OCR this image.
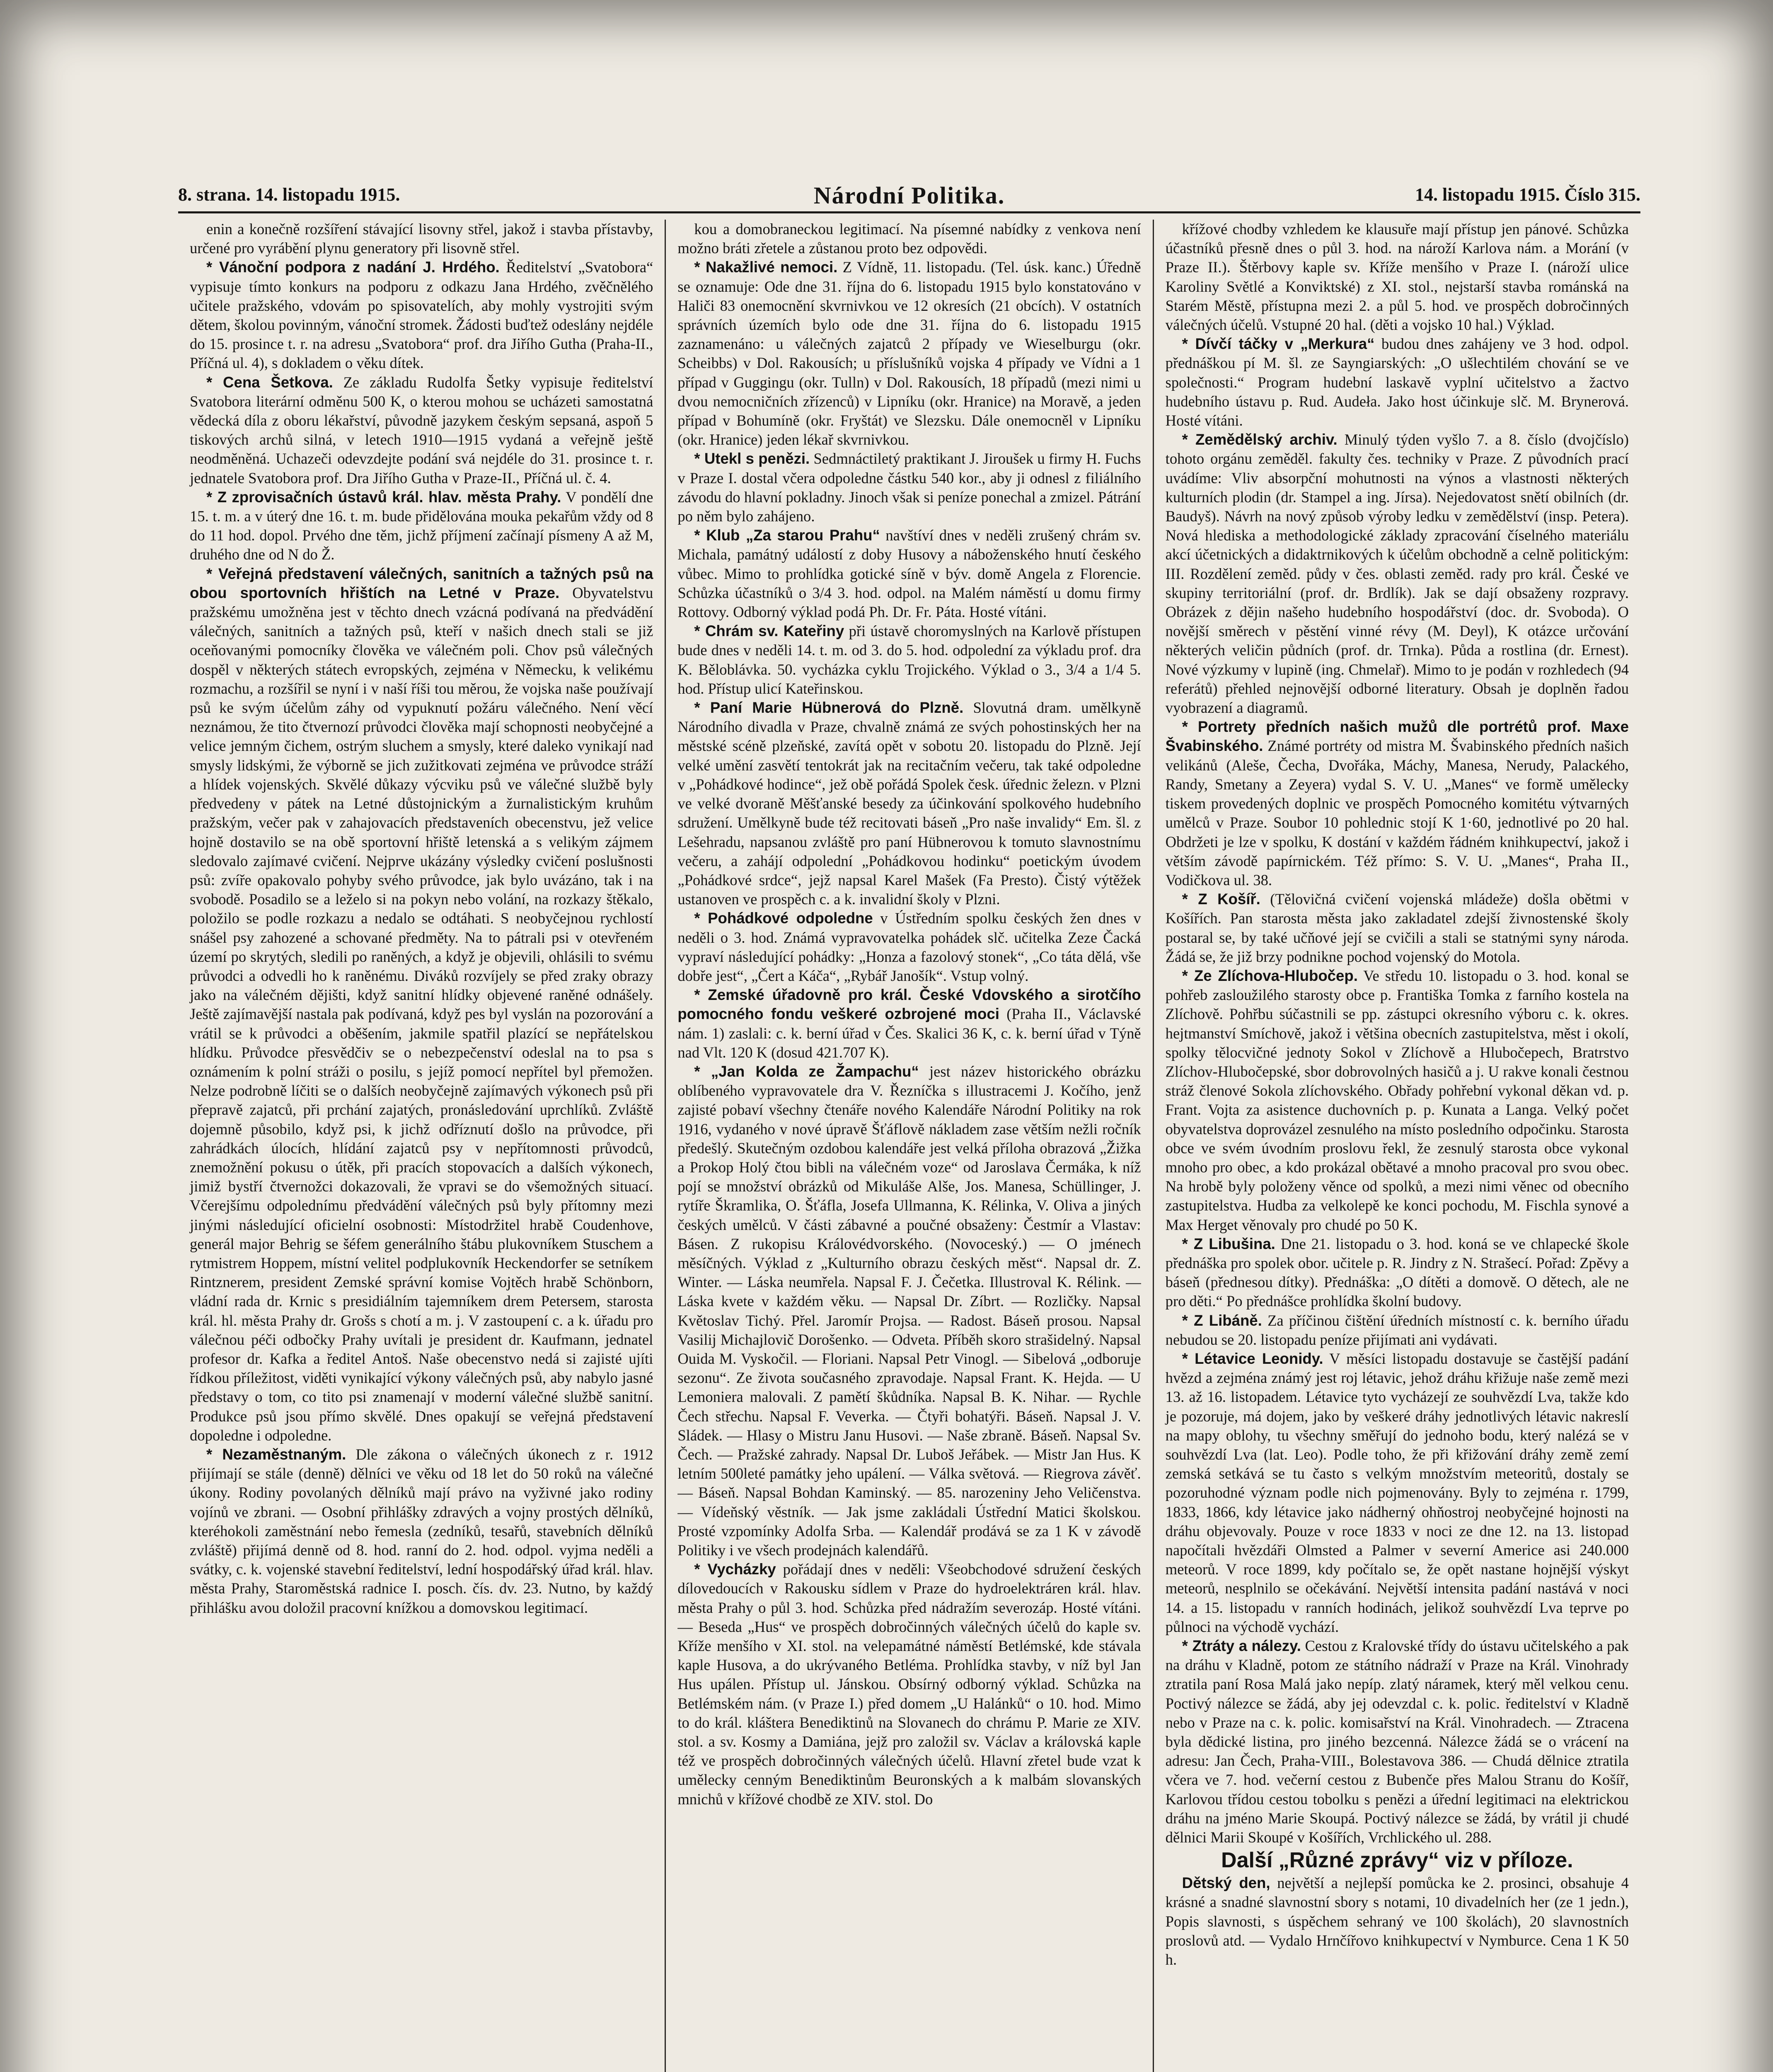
8. strana. 14. listopadu 1915.	Národní Politika.	14. listopadu 1915. Číslo 315.

enin a konečně rozšíření stávající lisovny střel, jakož i stavba přístavby, určené pro vyrábění plynu generatory při lisovně střel.

* Vánoční podpora z nadání J. Hrdého. Ředitelství „Svatobora“ vypisuje tímto konkurs na podporu z odkazu Jana Hrdého, zvěčnělého učitele pražského, vdovám po spisovatelích, aby mohly vystrojiti svým dětem, školou povinným, vánoční stromek. Žádosti buďtež odeslány nejdéle do 15. prosince t. r. na adresu „Svatobora“ prof. dra Jiřího Gutha (Praha-II., Příčná ul. 4), s dokladem o věku dítek.

* Cena Šetkova. Ze základu Rudolfa Šetky vypisuje ředitelství Svatobora literární odměnu 500 K, o kterou mohou se ucházeti samostatná vědecká díla z oboru lékařství, původně jazykem českým sepsaná, aspoň 5 tiskových archů silná, v letech 1910—1915 vydaná a veřejně ještě neodměněná. Uchazeči odevzdejte podání svá nejdéle do 31. prosince t. r. jednatele Svatobora prof. Dra Jiřího Gutha v Praze-II., Příčná ul. č. 4.

* Z zprovisačních ústavů král. hlav. města Prahy. V pondělí dne 15. t. m. a v úterý dne 16. t. m. bude přidělována mouka pekařům vždy od 8 do 11 hod. dopol. Prvého dne těm, jichž příjmení začínají písmeny A až M, druhého dne od N do Ž.

* Veřejná představení válečných, sanitních a tažných psů na obou sportovních hřištích na Letné v Praze. Obyvatelstvu pražskému umožněna jest v těchto dnech vzácná podívaná na předvádění válečných, sanitních a tažných psů, kteří v našich dnech stali se již oceňovanými pomocníky člověka ve válečném poli. Chov psů válečných dospěl v některých státech evropských, zejména v Německu, k velikému rozmachu, a rozšířil se nyní i v naší říši tou měrou, že vojska naše používají psů ke svým účelům záhy od vypuknutí požáru válečného. Není věcí neznámou, že tito čtvernozí průvodci člověka mají schopnosti neobyčejné a velice jemným čichem, ostrým sluchem a smysly, které daleko vynikají nad smysly lidskými, že výborně se jich zužitkovati zejména ve průvodce stráží a hlídek vojenských. Skvělé důkazy výcviku psů ve válečné službě byly předvedeny v pátek na Letné důstojnickým a žurnalistickým kruhům pražským, večer pak v zahajovacích představeních obecenstvu, jež velice hojně dostavilo se na obě sportovní hřiště letenská a s velikým zájmem sledovalo zajímavé cvičení. Nejprve ukázány výsledky cvičení poslušnosti psů: zvíře opakovalo pohyby svého průvodce, jak bylo uvázáno, tak i na svobodě. Posadilo se a leželo si na pokyn nebo volání, na rozkazy štěkalo, položilo se podle rozkazu a nedalo se odtáhati. S neobyčejnou rychlostí snášel psy zahozené a schované předměty. Na to pátrali psi v otevřeném území po skrytých, sledili po raněných, a když je objevili, ohlásili to svému průvodci a odvedli ho k raněnému. Diváků rozvíjely se před zraky obrazy jako na válečném dějišti, když sanitní hlídky objevené raněné odnášely. Ještě zajímavější nastala pak podívaná, když pes byl vyslán na pozorování a vrátil se k průvodci a oběšením, jakmile spatřil plazící se nepřátelskou hlídku. Průvodce přesvědčiv se o nebezpečenství odeslal na to psa s oznámením k polní stráži o posilu, s jejíž pomocí nepřítel byl přemožen. Nelze podrobně líčiti se o dalších neobyčejně zajímavých výkonech psů při přepravě zajatců, při prchání zajatých, pronásledování uprchlíků. Zvláště dojemně působilo, když psi, k jichž odříznutí došlo na průvodce, při zahrádkách úlocích, hlídání zajatců psy v nepřítomnosti průvodců, znemožnění pokusu o útěk, při pracích stopovacích a dalších výkonech, jimiž bystří čtvernožci dokazovali, že vpravi se do všemožných situací. Včerejšímu odpolednímu předvádění válečných psů byly přítomny mezi jinými následující oficielní osobnosti: Místodržitel hrabě Coudenhove, generál major Behrig se šéfem generálního štábu plukovníkem Stuschem a rytmistrem Hoppem, místní velitel podplukovník Heckendorfer se setníkem Rintznerem, president Zemské správní komise Vojtěch hrabě Schönborn, vládní rada dr. Krnic s presidiálním tajemníkem drem Petersem, starosta král. hl. města Prahy dr. Grošs s chotí a m. j. V zastoupení c. a k. úřadu pro válečnou péči odbočky Prahy uvítali je president dr. Kaufmann, jednatel profesor dr. Kafka a ředitel Antoš. Naše obecenstvo nedá si zajisté ujíti řídkou příležitost, viděti vynikající výkony válečných psů, aby nabylo jasné představy o tom, co tito psi znamenají v moderní válečné službě sanitní. Produkce psů jsou přímo skvělé. Dnes opakují se veřejná představení dopoledne i odpoledne.

* Nezaměstnaným. Dle zákona o válečných úkonech z r. 1912 přijímají se stále (denně) dělníci ve věku od 18 let do 50 roků na válečné úkony. Rodiny povolaných dělníků mají právo na vyživné jako rodiny vojínů ve zbrani. — Osobní přihlášky zdravých a vojny prostých dělníků, kteréhokoli zaměstnání nebo řemesla (zedníků, tesařů, stavebních dělníků zvláště) přijímá denně od 8. hod. ranní do 2. hod. odpol. vyjma neděli a svátky, c. k. vojenské stavební ředitelství, lední hospodářský úřad král. hlav. města Prahy, Staroměstská radnice I. posch. čís. dv. 23. Nutno, by každý přihlášku avou doložil pracovní knížkou a domovskou legitimací.

kou a domobraneckou legitimací. Na písemné nabídky z venkova není možno bráti zřetele a zůstanou proto bez odpovědi.

* Nakažlivé nemoci. Z Vídně, 11. listopadu. (Tel. úsk. kanc.) Úředně se oznamuje: Ode dne 31. října do 6. listopadu 1915 bylo konstatováno v Haliči 83 onemocnění skvrnivkou ve 12 okresích (21 obcích). V ostatních správních územích bylo ode dne 31. října do 6. listopadu 1915 zaznamenáno: u válečných zajatců 2 případy ve Wieselburgu (okr. Scheibbs) v Dol. Rakousích; u příslušníků vojska 4 případy ve Vídni a 1 případ v Guggingu (okr. Tulln) v Dol. Rakousích, 18 případů (mezi nimi u dvou nemocničních zřízenců) v Lipníku (okr. Hranice) na Moravě, a jeden případ v Bohumíně (okr. Fryštát) ve Slezsku. Dále onemocněl v Lipníku (okr. Hranice) jeden lékař skvrnivkou.

* Utekl s penězi. Sedmnáctiletý praktikant J. Jiroušek u firmy H. Fuchs v Praze I. dostal včera odpoledne částku 540 kor., aby ji odnesl z filiálního závodu do hlavní pokladny. Jinoch však si peníze ponechal a zmizel. Pátrání po něm bylo zahájeno.

* Klub „Za starou Prahu“ navštíví dnes v neděli zrušený chrám sv. Michala, památný událostí z doby Husovy a náboženského hnutí českého vůbec. Mimo to prohlídka gotické síně v býv. domě Angela z Florencie. Schůzka účastníků o 3/4 3. hod. odpol. na Malém náměstí u domu firmy Rottovy. Odborný výklad podá Ph. Dr. Fr. Páta. Hosté vítáni.

* Chrám sv. Kateřiny při ústavě choromyslných na Karlově přístupen bude dnes v neděli 14. t. m. od 3. do 5. hod. odpolední za výkladu prof. dra K. Běloblávka. 50. vycházka cyklu Trojického. Výklad o 3., 3/4 a 1/4 5. hod. Přístup ulicí Kateřinskou.

* Paní Marie Hübnerová do Plzně. Slovutná dram. umělkyně Národního divadla v Praze, chvalně známá ze svých pohostinských her na městské scéně plzeňské, zavítá opět v sobotu 20. listopadu do Plzně. Její velké umění zasvětí tentokrát jak na recitačním večeru, tak také odpoledne v „Pohádkové hodince“, jež obě pořádá Spolek česk. úřednic železn. v Plzni ve velké dvoraně Měšťanské besedy za účinkování spolkového hudebního sdružení. Umělkyně bude též recitovati báseň „Pro naše invalidy“ Em. šl. z Lešehradu, napsanou zvláště pro paní Hübnerovou k tomuto slavnostnímu večeru, a zahájí odpolední „Pohádkovou hodinku“ poetickým úvodem „Pohádkové srdce“, jejž napsal Karel Mašek (Fa Presto). Čistý výtěžek ustanoven ve prospěch c. a k. invalidní školy v Plzni.

* Pohádkové odpoledne v Ústředním spolku českých žen dnes v neděli o 3. hod. Známá vypravovatelka pohádek slč. učitelka Zeze Čacká vypraví následující pohádky: „Honza a fazolový stonek“, „Co táta dělá, vše dobře jest“, „Čert a Káča“, „Rybář Janošík“. Vstup volný.

* Zemské úřadovně pro král. České Vdovského a sirotčího pomocného fondu veškeré ozbrojené moci (Praha II., Václavské nám. 1) zaslali: c. k. berní úřad v Čes. Skalici 36 K, c. k. berní úřad v Týně nad Vlt. 120 K (dosud 421.707 K).

* „Jan Kolda ze Žampachu“ jest název historického obrázku oblíbeného vypravovatele dra V. Řezníčka s illustracemi J. Kočího, jenž zajisté pobaví všechny čtenáře nového Kalendáře Národní Politiky na rok 1916, vydaného v nové úpravě Šťáflově nákladem zase větším nežli ročník předešlý. Skutečným ozdobou kalendáře jest velká příloha obrazová „Žižka a Prokop Holý čtou bibli na válečném voze“ od Jaroslava Čermáka, k níž pojí se množství obrázků od Mikuláše Alše, Jos. Manesa, Schüllinger, J. rytíře Škramlika, O. Šťáfla, Josefa Ullmanna, K. Rélinka, V. Oliva a jiných českých umělců. V části zábavné a poučné obsaženy: Čestmír a Vlastav: Básen. Z rukopisu Královédvorského. (Novoceský.) — O jménech měsíčných. Výklad z „Kulturního obrazu českých měst“. Napsal dr. Z. Winter. — Láska neumřela. Napsal F. J. Čečetka. Illustroval K. Rélink. — Láska kvete v každém věku. — Napsal Dr. Zíbrt. — Rozličky. Napsal Květoslav Tichý. Přel. Jaromír Projsa. — Radost. Báseň prosou. Napsal Vasilij Michajlovič Dorošenko. — Odveta. Příběh skoro strašidelný. Napsal Ouida M. Vyskočil. — Floriani. Napsal Petr Vinogl. — Sibelová „odboruje sezonu“. Ze života současného zpravodaje. Napsal Frant. K. Hejda. — U Lemoniera malovali. Z pamětí škůdníka. Napsal B. K. Nihar. — Rychle Čech střechu. Napsal F. Veverka. — Čtyři bohatýři. Báseň. Napsal J. V. Sládek. — Hlasy o Mistru Janu Husovi. — Naše zbraně. Báseň. Napsal Sv. Čech. — Pražské zahrady. Napsal Dr. Luboš Jeřábek. — Mistr Jan Hus. K letním 500leté památky jeho upálení. — Válka světová. — Riegrova závěť. — Báseň. Napsal Bohdan Kaminský. — 85. narozeniny Jeho Veličenstva. — Vídeňský věstník. — Jak jsme zakládali Ústřední Matici školskou. Prosté vzpomínky Adolfa Srba. — Kalendář prodává se za 1 K v závodě Politiky i ve všech prodejnách kalendářů.

* Vycházky pořádají dnes v neděli: Všeobchodové sdružení českých dílovedoucích v Rakousku sídlem v Praze do hydroelektráren král. hlav. města Prahy o půl 3. hod. Schůzka před nádražím severozáp. Hosté vítáni. — Beseda „Hus“ ve prospěch dobročinných válečných účelů do kaple sv. Kříže menšího v XI. stol. na velepamátné náměstí Betlémské, kde stávala kaple Husova, a do ukrývaného Betléma. Prohlídka stavby, v níž byl Jan Hus upálen. Přístup ul. Jánskou. Obsírný odborný výklad. Schůzka na Betlémském nám. (v Praze I.) před domem „U Halánků“ o 10. hod. Mimo to do král. kláštera Benediktinů na Slovanech do chrámu P. Marie ze XIV. stol. a sv. Kosmy a Damiána, jejž pro založil sv. Václav a královská kaple též ve prospěch dobročinných válečných účelů. Hlavní zřetel bude vzat k umělecky cenným Benediktinům Beuronských a k malbám slovanských mnichů v křížové chodbě ze XIV. stol. Do

křížové chodby vzhledem ke klausuře mají přístup jen pánové. Schůzka účastníků přesně dnes o půl 3. hod. na nároží Karlova nám. a Morání (v Praze II.). Štěrbovy kaple sv. Kříže menšího v Praze I. (nároží ulice Karoliny Světlé a Konviktské) z XI. stol., nejstarší stavba románská na Starém Městě, přístupna mezi 2. a půl 5. hod. ve prospěch dobročinných válečných účelů. Vstupné 20 hal. (děti a vojsko 10 hal.) Výklad.

* Dívčí táčky v „Merkura“ budou dnes zahájeny ve 3 hod. odpol. přednáškou pí M. šl. ze Sayngiarských: „O ušlechtilém chování se ve společnosti.“ Program hudební laskavě vyplní učitelstvo a žactvo hudebního ústavu p. Rud. Audeła. Jako host účinkuje slč. M. Brynerová. Hosté vítáni.

* Zemědělský archiv. Minulý týden vyšlo 7. a 8. číslo (dvojčíslo) tohoto orgánu zeměděl. fakulty čes. techniky v Praze. Z původních prací uvádíme: Vliv absorpční mohutnosti na výnos a vlastnosti některých kulturních plodin (dr. Stampel a ing. Jírsa). Nejedovatost snětí obilních (dr. Baudyš). Návrh na nový způsob výroby ledku v zemědělství (insp. Petera). Nová hlediska a methodologické základy zpracování číselného materiálu akcí účetnických a didaktrnikových k účelům obchodně a celně politickým: III. Rozdělení zeměd. půdy v čes. oblasti zeměd. rady pro král. České ve skupiny territoriální (prof. dr. Brdlík). Jak se dají obsaženy rozpravy. Obrázek z dějin našeho hudebního hospodářství (doc. dr. Svoboda). O novější směrech v pěstění vinné révy (M. Deyl), K otázce určování některých veličin půdních (prof. dr. Trnka). Půda a rostlina (dr. Ernest). Nové výzkumy v lupině (ing. Chmelař). Mimo to je podán v rozhledech (94 referátů) přehled nejnovější odborné literatury. Obsah je doplněn řadou vyobrazení a diagramů.

* Portrety předních našich mužů dle portrétů prof. Maxe Švabinského. Známé portréty od mistra M. Švabinského předních našich velikánů (Aleše, Čecha, Dvořáka, Máchy, Manesa, Nerudy, Palackého, Randy, Smetany a Zeyera) vydal S. V. U. „Manes“ ve formě umělecky tiskem provedených doplnic ve prospěch Pomocného komitétu výtvarných umělců v Praze. Soubor 10 pohlednic stojí K 1·60, jednotlivé po 20 hal. Obdržeti je lze v spolku, K dostání v každém řádném knihkupectví, jakož i větším závodě papírnickém. Též přímo: S. V. U. „Manes“, Praha II., Vodičkova ul. 38.

* Z Košíř. (Tělovičná cvičení vojenská mládeže) došla obětmi v Košířích. Pan starosta města jako zakladatel zdejší živnostenské školy postaral se, by také učňové její se cvičili a stali se statnými syny národa. Žádá se, že již brzy podnikne pochod vojenský do Motola.

* Ze Zlíchova-Hlubočep. Ve středu 10. listopadu o 3. hod. konal se pohřeb zasloužilého starosty obce p. Františka Tomka z farního kostela na Zlíchově. Pohřbu súčastnili se pp. zástupci okresního výboru c. k. okres. hejtmanství Smíchově, jakož i většina obecních zastupitelstva, měst i okolí, spolky tělocvičné jednoty Sokol v Zlíchově a Hlubočepech, Bratrstvo Zlíchov-Hlubočepské, sbor dobrovolných hasičů a j. U rakve konali čestnou stráž členové Sokola zlíchovského. Obřady pohřební vykonal děkan vd. p. Frant. Vojta za asistence duchovních p. p. Kunata a Langa. Velký počet obyvatelstva doprovázel zesnulého na místo posledního odpočinku. Starosta obce ve svém úvodním proslovu řekl, že zesnulý starosta obce vykonal mnoho pro obec, a kdo prokázal obětavé a mnoho pracoval pro svou obec. Na hrobě byly položeny věnce od spolků, a mezi nimi věnec od obecního zastupitelstva. Hudba za velkolepě ke konci pochodu, M. Fischla synové a Max Herget věnovaly pro chudé po 50 K.

* Z Libušina. Dne 21. listopadu o 3. hod. koná se ve chlapecké škole přednáška pro spolek obor. učitele p. R. Jindry z N. Strašecí. Pořad: Zpěvy a báseň (přednesou dítky). Přednáška: „O dítěti a domově. O dětech, ale ne pro děti.“ Po přednášce prohlídka školní budovy.

* Z Libáně. Za příčinou čištění úředních místností c. k. berního úřadu nebudou se 20. listopadu peníze přijímati ani vydávati.

* Létavice Leonidy. V měsíci listopadu dostavuje se častější padání hvězd a zejména známý jest roj létavic, jehož dráhu křižuje naše země mezi 13. až 16. listopadem. Létavice tyto vycházejí ze souhvězdí Lva, takže kdo je pozoruje, má dojem, jako by veškeré dráhy jednotlivých létavic nakreslí na mapy oblohy, tu všechny směřují do jednoho bodu, který nalézá se v souhvězdí Lva (lat. Leo). Podle toho, že při křižování dráhy země zemí zemská setkává se tu často s velkým množstvím meteoritů, dostaly se pozoruhodné význam podle nich pojmenovány. Byly to zejména r. 1799, 1833, 1866, kdy létavice jako nádherný ohňostroj neobyčejné hojnosti na dráhu objevovaly. Pouze v roce 1833 v noci ze dne 12. na 13. listopad napočítali hvězdáři Olmsted a Palmer v severní Americe asi 240.000 meteorů. V roce 1899, kdy počítalo se, že opět nastane hojnější výskyt meteorů, nesplnilo se očekávání. Největší intensita padání nastává v noci 14. a 15. listopadu v ranních hodinách, jelikož souhvězdí Lva teprve po půlnoci na východě vychází.

* Ztráty a nálezy. Cestou z Kralovské třídy do ústavu učitelského a pak na dráhu v Kladně, potom ze státního nádraží v Praze na Král. Vinohrady ztratila paní Rosa Malá jako nepíp. zlatý náramek, který měl velkou cenu. Poctivý nálezce se žádá, aby jej odevzdal c. k. polic. ředitelství v Kladně nebo v Praze na c. k. polic. komisařství na Král. Vinohradech. — Ztracena byla dědické listina, pro jiného bezcenná. Nálezce žádá se o vrácení na adresu: Jan Čech, Praha-VIII., Bolestavova 386. — Chudá dělnice ztratila včera ve 7. hod. večerní cestou z Bubenče přes Malou Stranu do Košíř, Karlovou třídou cestou tobolku s penězi a úřední legitimaci na elektrickou dráhu na jméno Marie Skoupá. Poctivý nálezce se žádá, by vrátil ji chudé dělnici Marii Skoupé v Košířích, Vrchlického ul. 288.

Další „Různé zprávy“ viz v příloze.

Dětský den, největší a nejlepší pomůcka ke 2. prosinci, obsahuje 4 krásné a snadné slavnostní sbory s notami, 10 divadelních her (ze 1 jedn.), Popis slavnosti, s úspěchem sehraný ve 100 školách), 20 slavnostních proslovů atd. — Vydalo Hrnčířovo knihkupectví v Nymburce. Cena 1 K 50 h.
